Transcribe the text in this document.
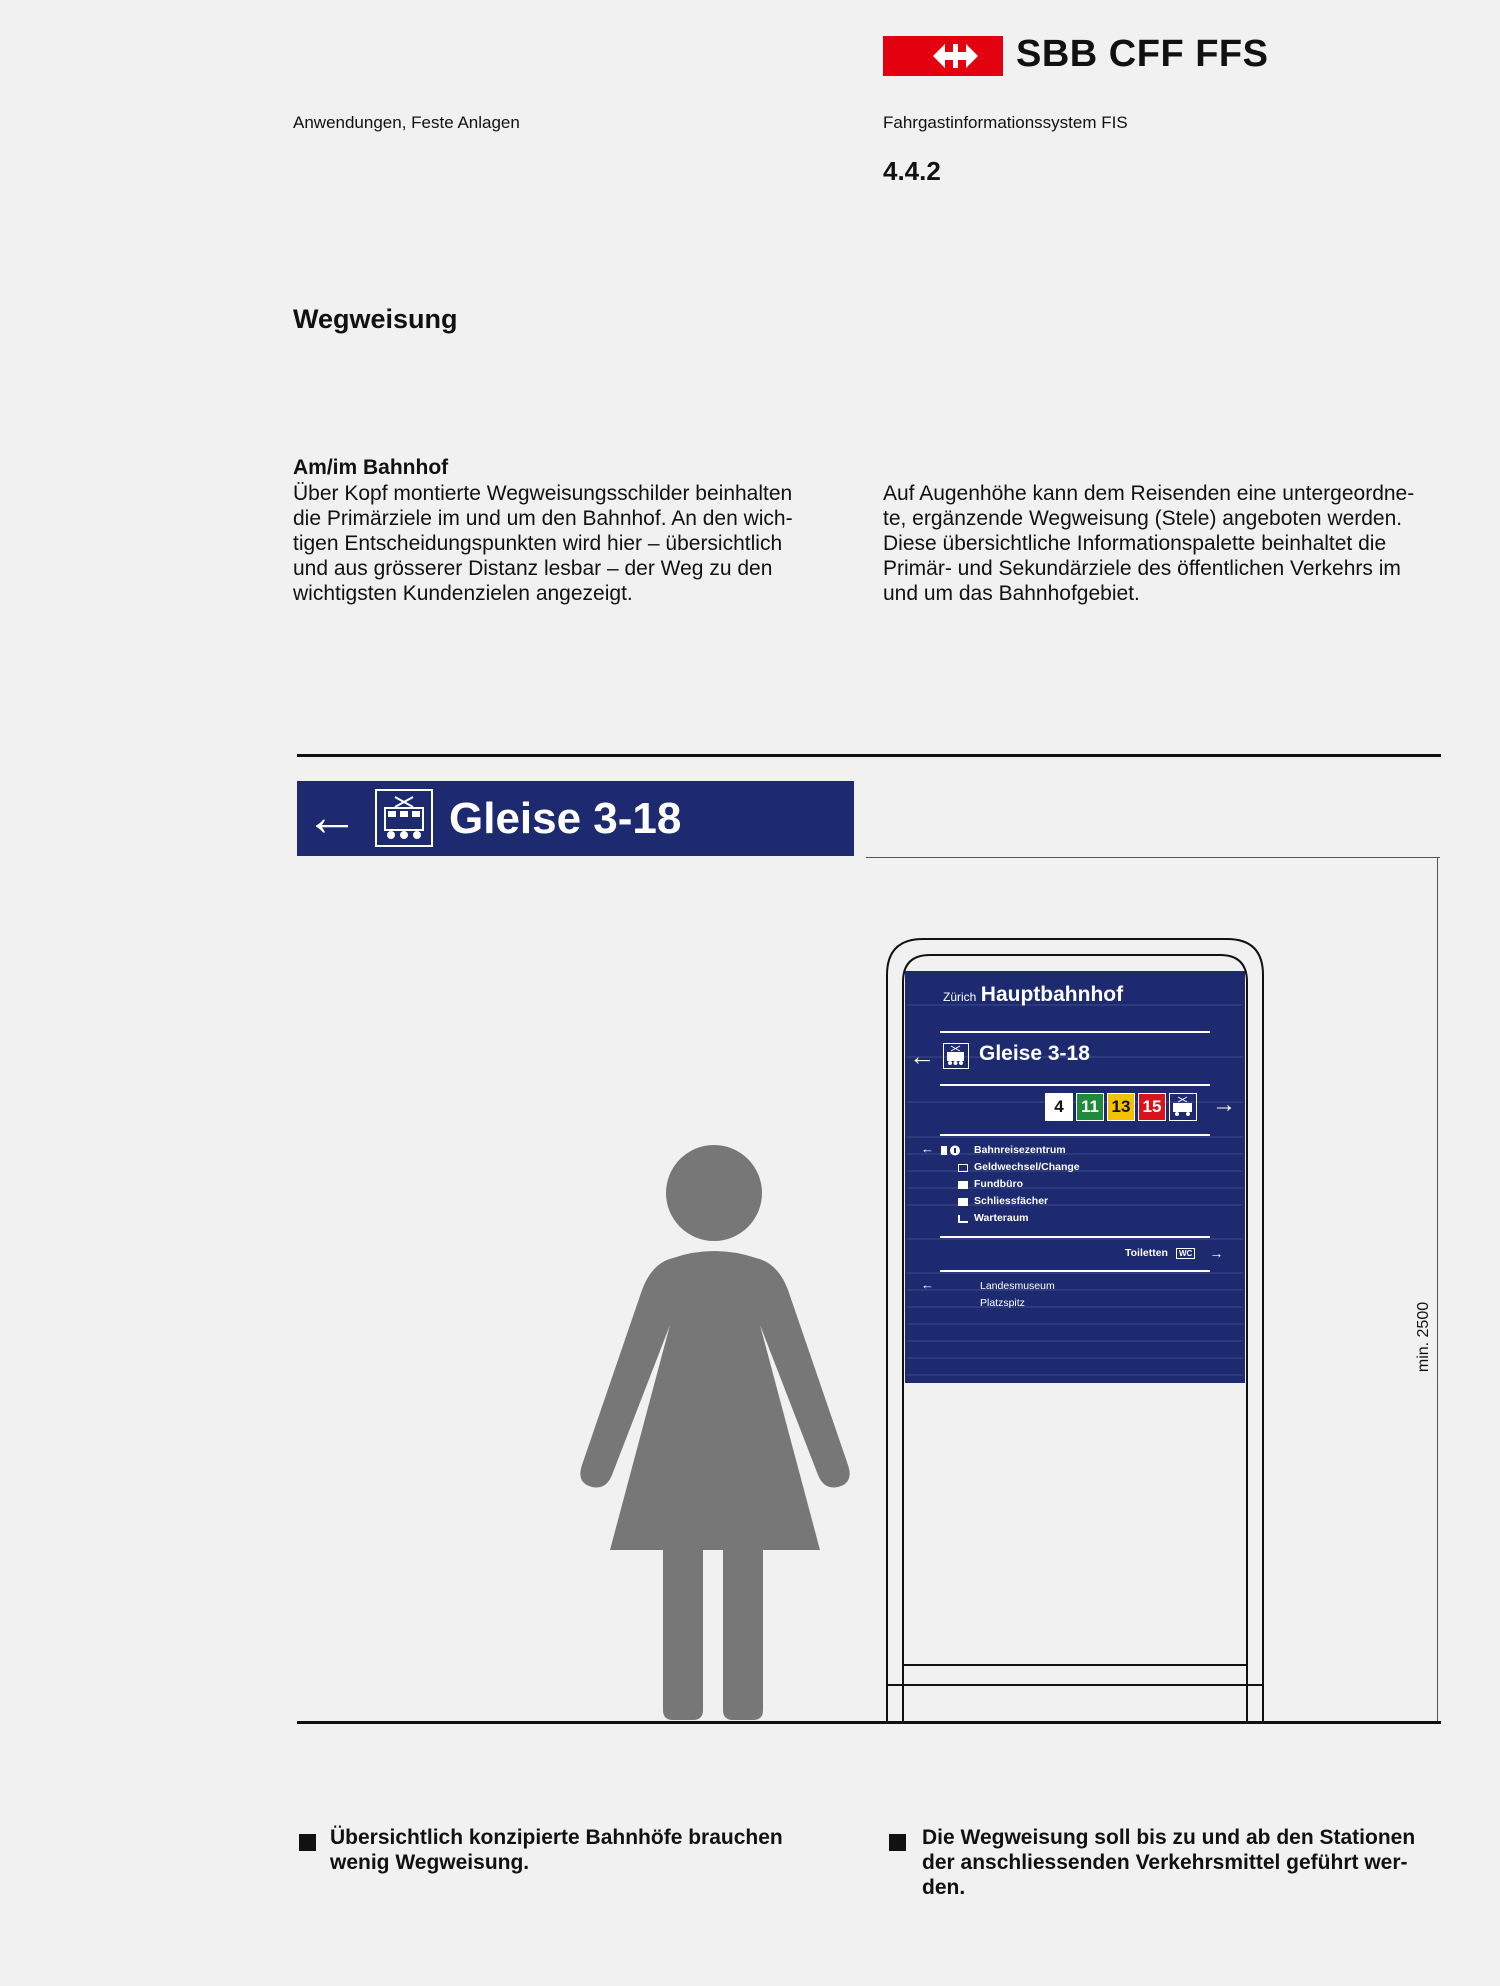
SBB CFF FFS
Anwendungen, Feste Anlagen	Fahrgastinformationssystem FIS
4.4.2
Wegweisung
Am/im Bahnhof

Über Kopf montierte Wegweisungsschilder beinhalten
die Primärziele im und um den Bahnhof. An den wich-
tigen Entscheidungspunkten wird hier – übersichtlich
und aus grösserer Distanz lesbar – der Weg zu den
wichtigsten Kundenzielen angezeigt.

Auf Augenhöhe kann dem Reisenden eine untergeordne-
te, ergänzende Wegweisung (Stele) angeboten werden.
Diese übersichtliche Informationspalette beinhaltet die
Primär- und Sekundärziele des öffentlichen Verkehrs im
und um das Bahnhofgebiet.

← Gleise 3-18
min. 2500
Zürich Hauptbahnhof
← Gleise 3-18
4	11 13 15 →
←	Bahnreisezentrum
Geldwechsel/Change
Fundbüro
Schliessfächer
Warteraum
Toiletten	WC →
←	Landesmuseum
Platzspitz

Übersichtlich konzipierte Bahnhöfe brauchen
wenig Wegweisung.

Die Wegweisung soll bis zu und ab den Stationen
der anschliessenden Verkehrsmittel geführt wer-
den.
